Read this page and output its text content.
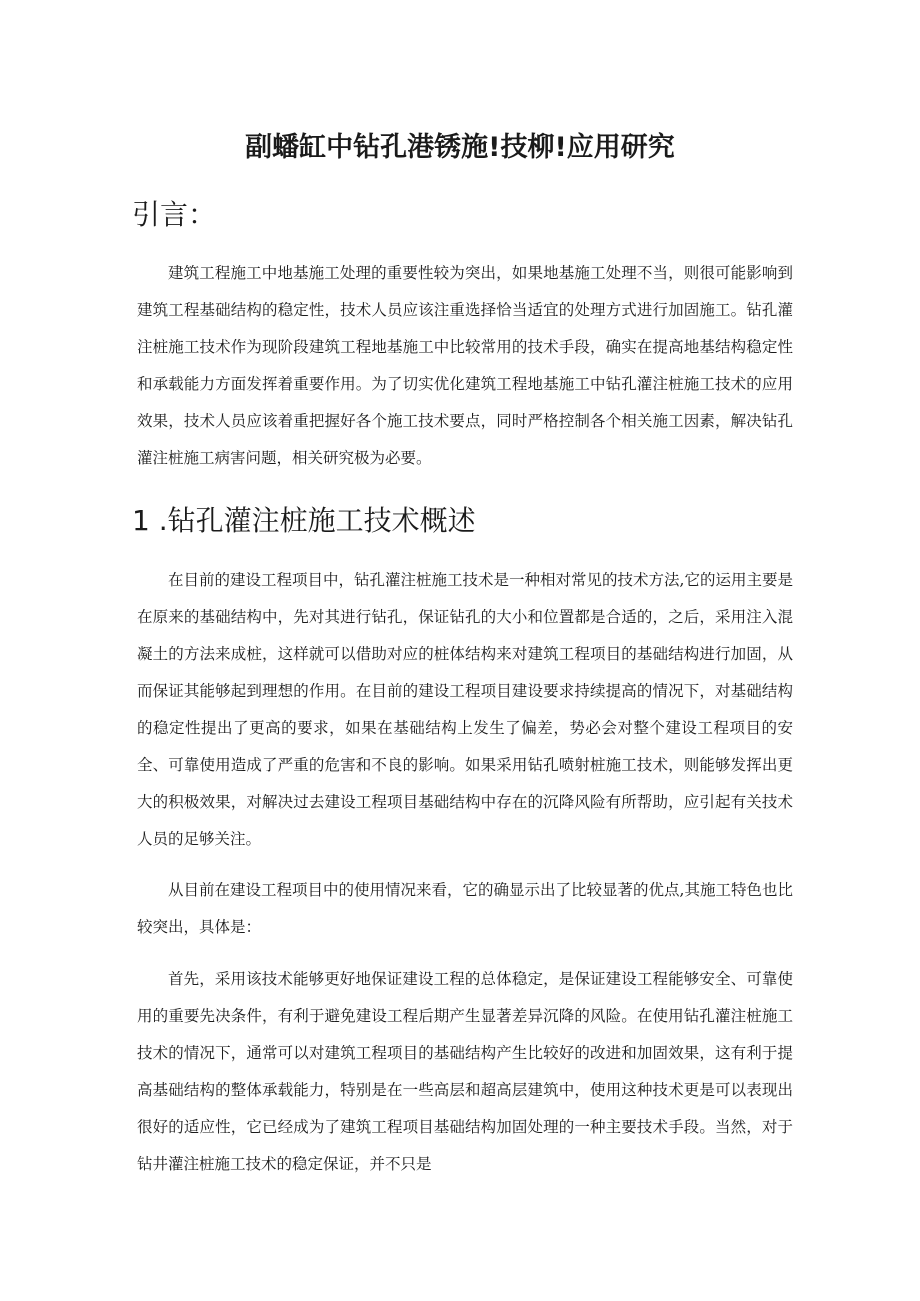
副蟠缸中钻孔港锈施!技柳!应用研究
引言：

建筑工程施工中地基施工处理的重要性较为突出，如果地基施工处理不当，则很可能影响到建筑工程基础结构的稳定性，技术人员应该注重选择恰当适宜的处理方式进行加固施工。钻孔灌注桩施工技术作为现阶段建筑工程地基施工中比较常用的技术手段，确实在提高地基结构稳定性和承载能力方面发挥着重要作用。为了切实优化建筑工程地基施工中钻孔灌注桩施工技术的应用效果，技术人员应该着重把握好各个施工技术要点，同时严格控制各个相关施工因素，解决钻孔灌注桩施工病害问题，相关研究极为必要。

1 .钻孔灌注桩施工技术概述

在目前的建设工程项目中，钻孔灌注桩施工技术是一种相对常见的技术方法,它的运用主要是在原来的基础结构中，先对其进行钻孔，保证钻孔的大小和位置都是合适的，之后，采用注入混凝土的方法来成桩，这样就可以借助对应的桩体结构来对建筑工程项目的基础结构进行加固，从而保证其能够起到理想的作用。在目前的建设工程项目建设要求持续提高的情况下，对基础结构的稳定性提出了更高的要求，如果在基础结构上发生了偏差，势必会对整个建设工程项目的安全、可靠使用造成了严重的危害和不良的影响。如果采用钻孔喷射桩施工技术，则能够发挥出更大的积极效果，对解决过去建设工程项目基础结构中存在的沉降风险有所帮助，应引起有关技术人员的足够关注。

从目前在建设工程项目中的使用情况来看，它的确显示出了比较显著的优点,其施工特色也比较突出，具体是：

首先，采用该技术能够更好地保证建设工程的总体稳定，是保证建设工程能够安全、可靠使用的重要先决条件，有利于避免建设工程后期产生显著差异沉降的风险。在使用钻孔灌注桩施工技术的情况下，通常可以对建筑工程项目的基础结构产生比较好的改进和加固效果，这有利于提高基础结构的整体承载能力，特别是在一些高层和超高层建筑中，使用这种技术更是可以表现出很好的适应性，它已经成为了建筑工程项目基础结构加固处理的一种主要技术手段。当然，对于钻井灌注桩施工技术的稳定保证，并不只是
